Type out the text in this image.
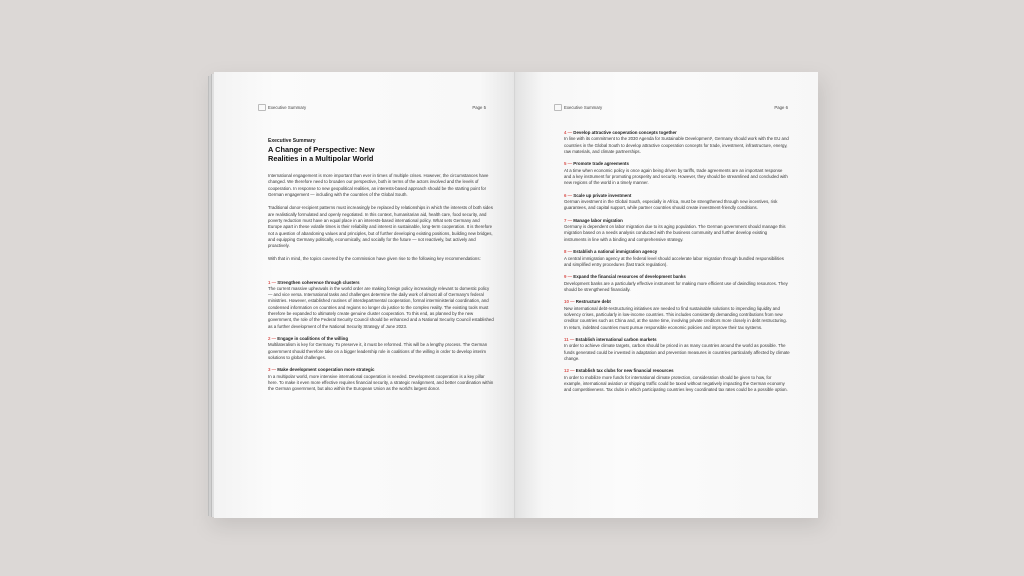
Executive Summary	Page 5
Executive Summary
A Change of Perspective: New Realities in a Multipolar World

International engagement is more important than ever in times of multiple crises. However, the circumstances have changed. We therefore need to broaden our perspective, both in terms of the actors involved and the levels of cooperation. In response to new geopolitical realities, an interests-based approach should be the starting point for German engagement — including with the countries of the Global South.

Traditional donor-recipient patterns must increasingly be replaced by relationships in which the interests of both sides are realistically formulated and openly negotiated. In this context, humanitarian aid, health care, food security, and poverty reduction must have an equal place in an interests-based international policy. What sets Germany and Europe apart in these volatile times is their reliability and interest in sustainable, long-term cooperation. It is therefore not a question of abandoning values and principles, but of further developing existing positions, building new bridges, and equipping Germany politically, economically, and socially for the future — not reactively, but actively and proactively.

With that in mind, the topics covered by the commission have given rise to the following key recommendations:

1 — Strengthen coherence through clusters
The current massive upheavals in the world order are making foreign policy increasingly relevant to domestic policy — and vice versa. International tasks and challenges determine the daily work of almost all of Germany's federal ministries. However, established routines of interdepartmental cooperation, formal interministerial coordination, and condensed information on countries and regions no longer do justice to the complex reality. The existing tools must therefore be expanded to ultimately create genuine cluster cooperation. To this end, as planned by the new government, the role of the Federal Security Council should be enhanced and a National Security Council established as a further development of the National Security Strategy of June 2023.
2 — Engage in coalitions of the willing
Multilateralism is key for Germany. To preserve it, it must be reformed. This will be a lengthy process. The German government should therefore take on a bigger leadership role in coalitions of the willing in order to develop interim solutions to global challenges.
3 — Make development cooperation more strategic
In a multipolar world, more intensive international cooperation is needed. Development cooperation is a key pillar here. To make it even more effective requires financial security, a strategic realignment, and better coordination within the German government, but also within the European Union as the world's largest donor.
Executive Summary	Page 6
4 — Develop attractive cooperation concepts together
In line with its commitment to the 2030 Agenda for Sustainable Development¹, Germany should work with the EU and countries in the Global South to develop attractive cooperation concepts for trade, investment, infrastructure, energy, raw materials, and climate partnerships.
5 — Promote trade agreements
At a time when economic policy is once again being driven by tariffs, trade agreements are an important response and a key instrument for promoting prosperity and security. However, they should be streamlined and concluded with new regions of the world in a timely manner.
6 — Scale up private investment
German investment in the Global South, especially in Africa, must be strengthened through new incentives, risk guarantees, and capital support, while partner countries should create investment-friendly conditions.
7 — Manage labor migration
Germany is dependent on labor migration due to its aging population. The German government should manage this migration based on a needs analysis conducted with the business community and further develop existing instruments in line with a binding and comprehensive strategy.
8 — Establish a national immigration agency
A central immigration agency at the federal level should accelerate labor migration through bundled responsibilities and simplified entry procedures (fast track regulation).
9 — Expand the financial resources of development banks
Development banks are a particularly effective instrument for making more efficient use of dwindling resources. They should be strengthened financially.
10 — Restructure debt
New international debt-restructuring initiatives are needed to find sustainable solutions to impending liquidity and solvency crises, particularly in low-income countries. This includes consistently demanding contributions from new creditor countries such as China and, at the same time, involving private creditors more closely in debt restructuring. In return, indebted countries must pursue responsible economic policies and improve their tax systems.
11 — Establish international carbon markets
In order to achieve climate targets, carbon should be priced in as many countries around the world as possible. The funds generated could be invested in adaptation and prevention measures in countries particularly affected by climate change.
12 — Establish tax clubs for new financial resources
In order to mobilize more funds for international climate protection, consideration should be given to how, for example, international aviation or shipping traffic could be taxed without negatively impacting the German economy and competitiveness. Tax clubs in which participating countries levy coordinated tax rates could be a possible option.
